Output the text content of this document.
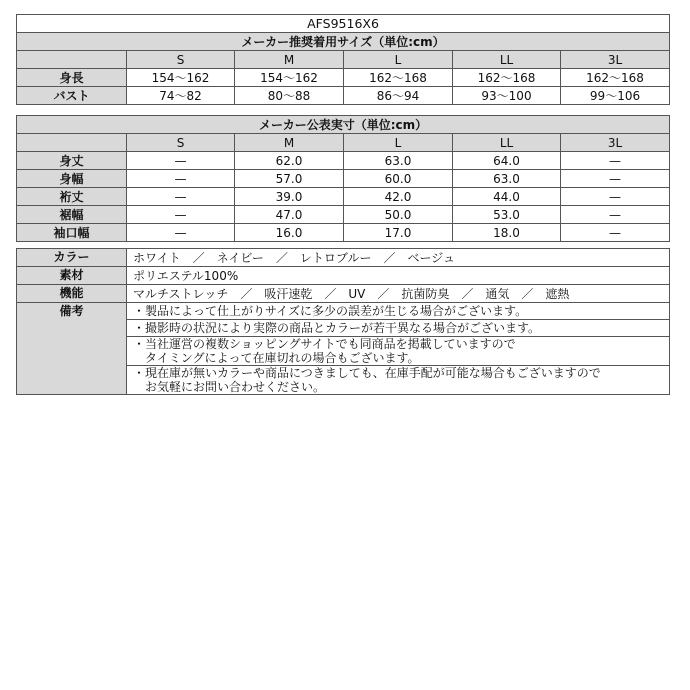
AFS9516X6					
メーカー推奨着用サイズ（単位:cm）					
	S	M	L	LL	3L
身長	154〜162	154〜162	162〜168	162〜168	162〜168
バスト	74〜82	80〜88	86〜94	93〜100	99〜106
メーカー公表実寸（単位:cm）					
	S	M	L	LL	3L
身丈	—	62.0	63.0	64.0	—
身幅	—	57.0	60.0	63.0	—
裄丈	—	39.0	42.0	44.0	—
裾幅	—	47.0	50.0	53.0	—
袖口幅	—	16.0	17.0	18.0	—
カラー	ホワイト　／　ネイビー　／　レトロブルー　／　ベージュ
素材	ポリエステル100%
機能	マルチストレッチ　／　吸汗速乾　／　UV　／　抗菌防臭　／　通気　／　遮熱
備考	・製品によって仕上がりサイズに多少の誤差が生じる場合がございます。

	・撮影時の状況により実際の商品とカラーが若干異なる場合がございます。

	・当社運営の複数ショッピングサイトでも同商品を掲載していますので
　タイミングによって在庫切れの場合もございます。

	・現在庫が無いカラーや商品につきましても、在庫手配が可能な場合もございますので
　お気軽にお問い合わせください。
